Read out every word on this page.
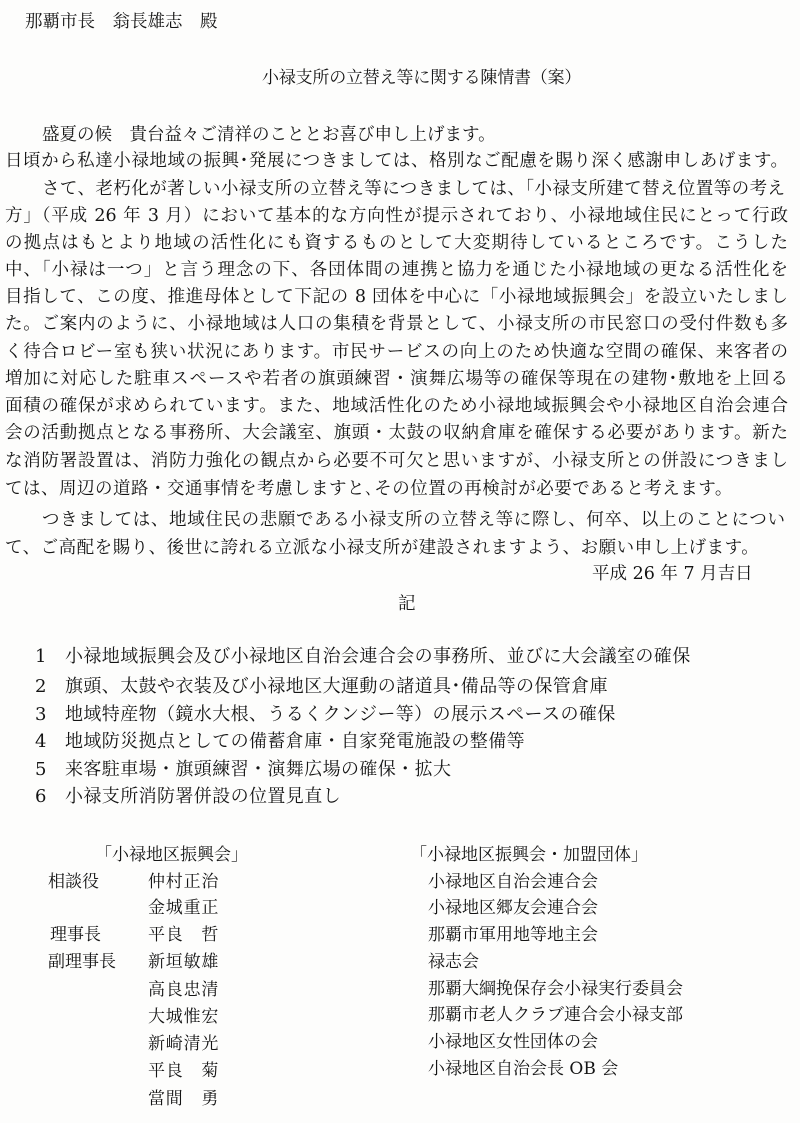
那覇市長　翁長雄志　殿
小禄支所の立替え等に関する陳情書（案）
盛夏の候　貴台益々ご清祥のこととお喜び申し上げます。
日頃から私達小禄地域の振興･発展につきましては、格別なご配慮を賜り深く感謝申しあげます。
さて、老朽化が著しい小禄支所の立替え等につきましては、「小禄支所建て替え位置等の考え
方」（平成 26 年 3 月）において基本的な方向性が提示されており、小禄地域住民にとって行政
の拠点はもとより地域の活性化にも資するものとして大変期待しているところです。こうした
中、「小禄は一つ」と言う理念の下、各団体間の連携と協力を通じた小禄地域の更なる活性化を
目指して、この度、推進母体として下記の 8 団体を中心に「小禄地域振興会」を設立いたしまし
た。ご案内のように、小禄地域は人口の集積を背景として、小禄支所の市民窓口の受付件数も多
く待合ロビー室も狭い状況にあります。市民サービスの向上のため快適な空間の確保、来客者の
増加に対応した駐車スペースや若者の旗頭練習・演舞広場等の確保等現在の建物･敷地を上回る
面積の確保が求められています。また、地域活性化のため小禄地域振興会や小禄地区自治会連合
会の活動拠点となる事務所、大会議室、旗頭・太鼓の収納倉庫を確保する必要があります。新た
な消防署設置は、消防力強化の観点から必要不可欠と思いますが、小禄支所との併設につきまし
ては、周辺の道路・交通事情を考慮しますと､その位置の再検討が必要であると考えます。
つきましては、地域住民の悲願である小禄支所の立替え等に際し、何卒、以上のことについ
て、ご高配を賜り、後世に誇れる立派な小禄支所が建設されますよう、お願い申し上げます。
平成 26 年 7 月吉日
記
1 小禄地域振興会及び小禄地区自治会連合会の事務所、並びに大会議室の確保
2 旗頭、太鼓や衣装及び小禄地区大運動の諸道具･備品等の保管倉庫
3 地域特産物（鏡水大根、うるくクンジー等）の展示スペースの確保
4 地域防災拠点としての備蓄倉庫・自家発電施設の整備等
5 来客駐車場・旗頭練習・演舞広場の確保・拡大
6 小禄支所消防署併設の位置見直し
「小禄地区振興会」
相談役	仲村正治
金城重正
理事長	平良　哲
副理事長 新垣敏雄
高良忠清
大城惟宏
新崎清光
平良　菊
當間　勇
「小禄地区振興会・加盟団体」
小禄地区自治会連合会
小禄地区郷友会連合会
那覇市軍用地等地主会
禄志会
那覇大綱挽保存会小禄実行委員会
那覇市老人クラブ連合会小禄支部
小禄地区女性団体の会
小禄地区自治会長 OB 会
